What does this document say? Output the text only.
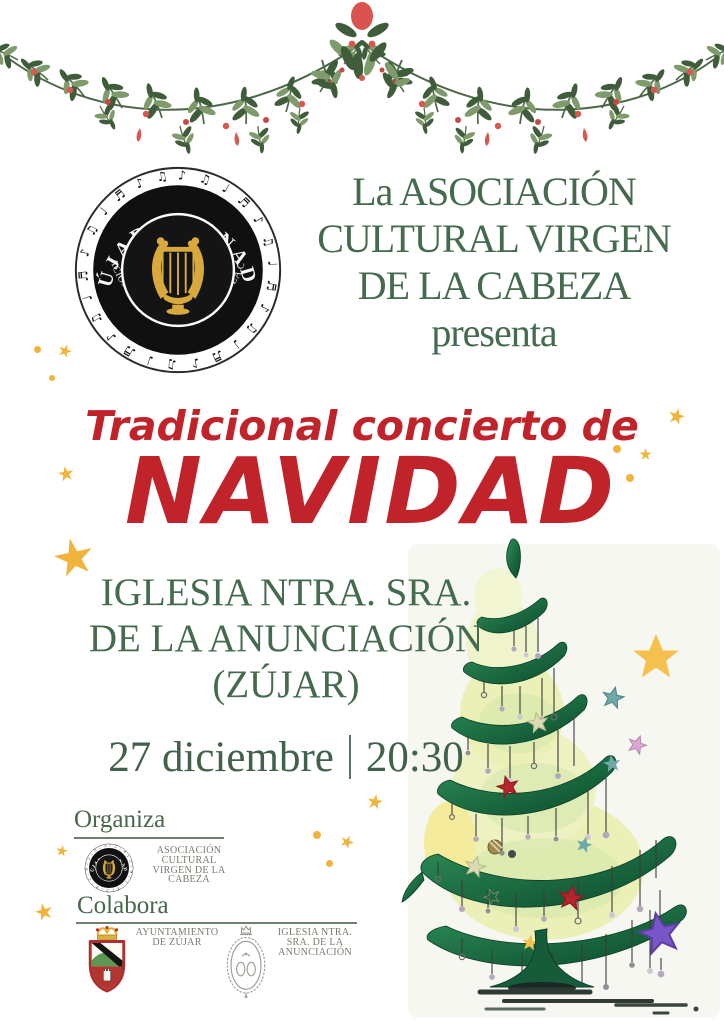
La ASOCIACIÓN
CULTURAL VIRGEN
DE LA CABEZA
presenta
Tradicional concierto de
NAVIDAD
IGLESIA NTRA. SRA.
DE LA ANUNCIACIÓN
(ZÚJAR)
27 diciembre 20:30
Organiza
ASOCIACIÓN
CULTURAL
VIRGEN DE LA
CABEZA
Colabora
AYUNTAMIENTO
DE ZÚJAR
IGLESIA NTRA.
SRA. DE LA
ANUNCIACIÓN
